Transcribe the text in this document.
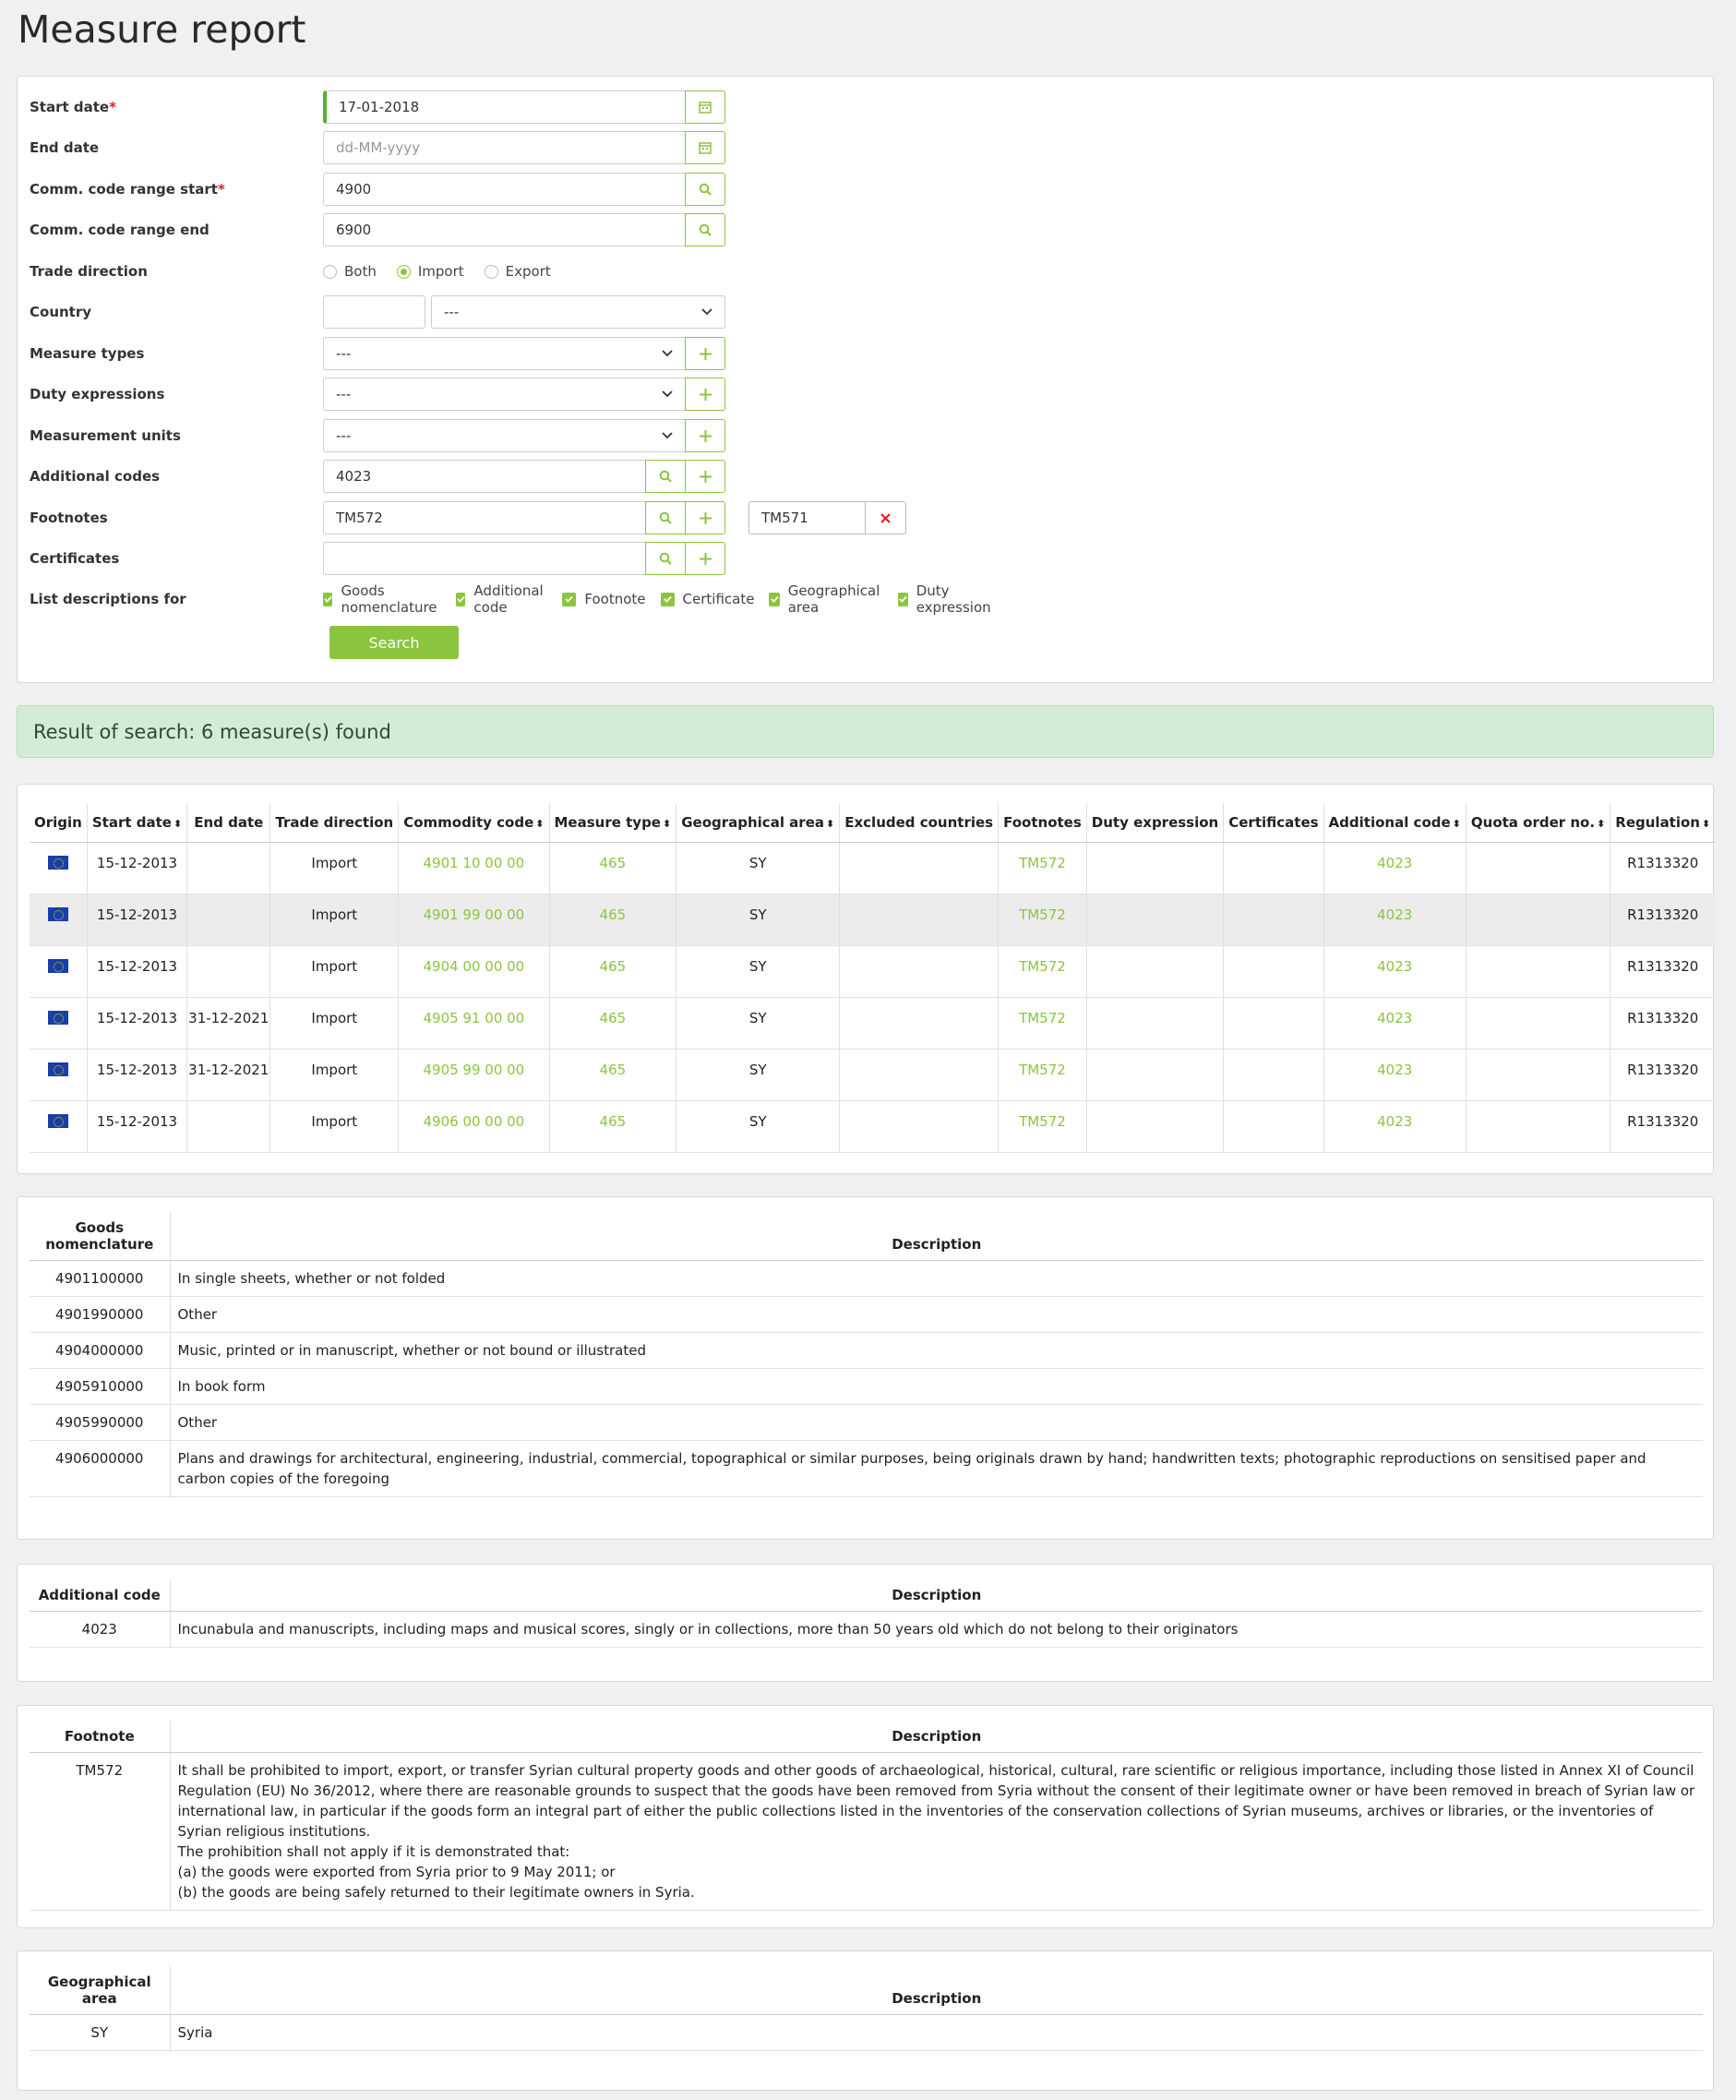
Measure report
Start date*	17-01-2018
End date	dd-MM-yyyy
Comm. code range start*	4900
Comm. code range end	6900
Trade direction	Both	Import	Export
Country	---
Measure types	---
Duty expressions	---
Measurement units	---
Additional codes	4023
Footnotes	TM572	TM571
Certificates
List descriptions for	Goods nomenclature
Additional code	Footnote	Certificate Geographical area
Duty expression
Search
Result of search: 6 measure(s) found
Origin	Start date ⬍	End date	Trade direction	Commodity code ⬍	Measure type ⬍	Geographical area ⬍	Excluded countries	Footnotes	Duty expression	Certificates	Additional code ⬍	Quota order no. ⬍	Regulation ⬍
	15-12-2013		Import	4901 10 00 00	465	SY		TM572			4023		R1313320
	15-12-2013		Import	4901 99 00 00	465	SY		TM572			4023		R1313320
	15-12-2013		Import	4904 00 00 00	465	SY		TM572			4023		R1313320
	15-12-2013	31-12-2021	Import	4905 91 00 00	465	SY		TM572			4023		R1313320
	15-12-2013	31-12-2021	Import	4905 99 00 00	465	SY		TM572			4023		R1313320
	15-12-2013		Import	4906 00 00 00	465	SY		TM572			4023		R1313320
Goods nomenclature	Description
4901100000	In single sheets, whether or not folded
4901990000	Other
4904000000	Music, printed or in manuscript, whether or not bound or illustrated
4905910000	In book form
4905990000	Other
4906000000	Plans and drawings for architectural, engineering, industrial, commercial, topographical or similar purposes, being originals drawn by hand; handwritten texts; photographic reproductions on sensitised paper and carbon copies of the foregoing
Additional code	Description
4023	Incunabula and manuscripts, including maps and musical scores, singly or in collections, more than 50 years old which do not belong to their originators
Footnote	Description
TM572	It shall be prohibited to import, export, or transfer Syrian cultural property goods and other goods of archaeological, historical, cultural, rare scientific or religious importance, including those listed in Annex XI of Council Regulation (EU) No 36/2012, where there are reasonable grounds to suspect that the goods have been removed from Syria without the consent of their legitimate owner or have been removed in breach of Syrian law or international law, in particular if the goods form an integral part of either the public collections listed in the inventories of the conservation collections of Syrian museums, archives or libraries, or the inventories of Syrian religious institutions.
The prohibition shall not apply if it is demonstrated that:
(a) the goods were exported from Syria prior to 9 May 2011; or
(b) the goods are being safely returned to their legitimate owners in Syria.
Geographical area	Description
SY	Syria
